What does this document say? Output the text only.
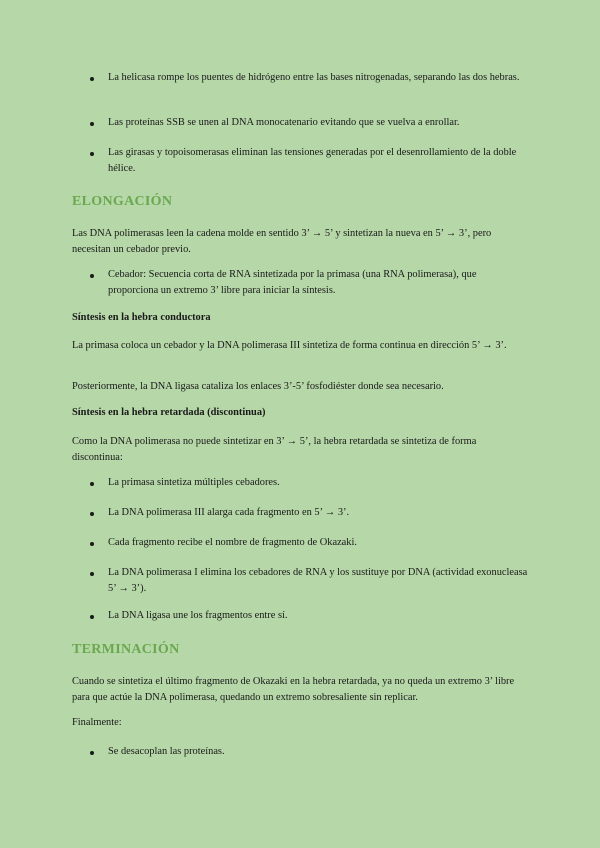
La helicasa rompe los puentes de hidrógeno entre las bases nitrogenadas, separando las dos hebras.

Las proteínas SSB se unen al DNA monocatenario evitando que se vuelva a enrollar.

Las girasas y topoisomerasas eliminan las tensiones generadas por el desenrollamiento de la doble hélice.

ELONGACIÓN

Las DNA polimerasas leen la cadena molde en sentido 3’ → 5’ y sintetizan la nueva en 5’ → 3’, pero necesitan un cebador previo.

Cebador: Secuencia corta de RNA sintetizada por la primasa (una RNA polimerasa), que proporciona un extremo 3’ libre para iniciar la síntesis.

Síntesis en la hebra conductora

La primasa coloca un cebador y la DNA polimerasa III sintetiza de forma continua en dirección 5’ → 3’.

Posteriormente, la DNA ligasa cataliza los enlaces 3’-5’ fosfodiéster donde sea necesario.

Síntesis en la hebra retardada (discontinua)

Como la DNA polimerasa no puede sintetizar en 3’ → 5’, la hebra retardada se sintetiza de forma discontinua:

La primasa sintetiza múltiples cebadores.

La DNA polimerasa III alarga cada fragmento en 5’ → 3’.

Cada fragmento recibe el nombre de fragmento de Okazaki.

La DNA polimerasa I elimina los cebadores de RNA y los sustituye por DNA (actividad exonucleasa 5’ → 3’).

La DNA ligasa une los fragmentos entre sí.

TERMINACIÓN

Cuando se sintetiza el último fragmento de Okazaki en la hebra retardada, ya no queda un extremo 3’ libre para que actúe la DNA polimerasa, quedando un extremo sobresaliente sin replicar.

Finalmente:

Se desacoplan las proteínas.
